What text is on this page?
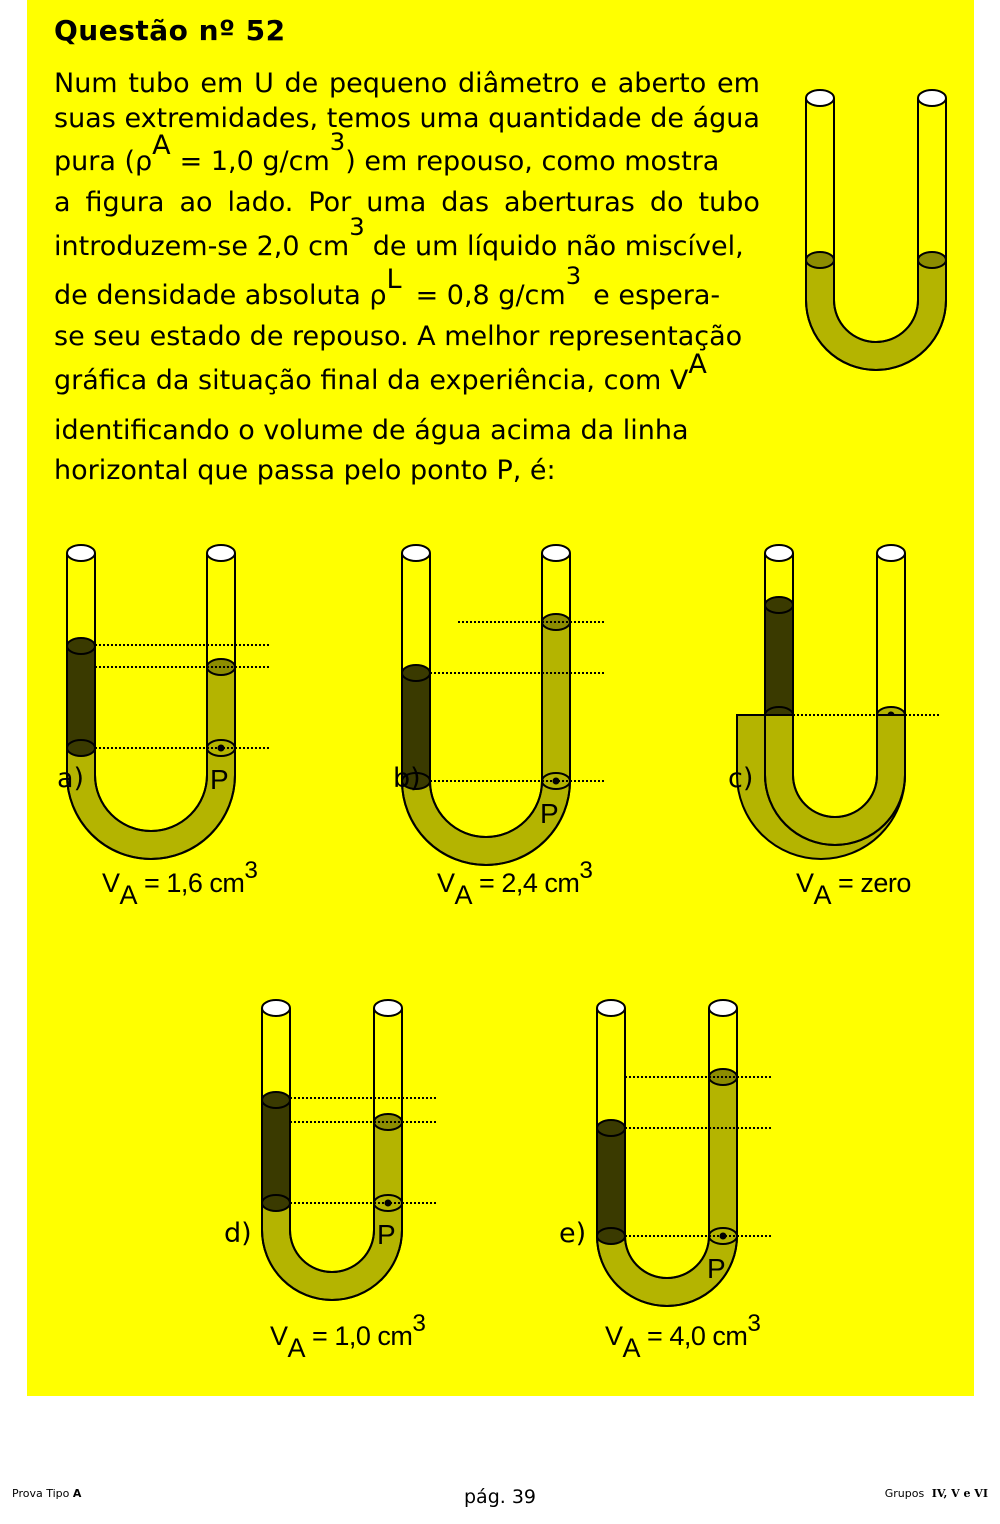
Questão nº 52
Num tubo em U de pequeno diâmetro e aberto em
suas extremidades, temos uma quantidade de água
pura (ρ
A
= 1,0 g/cm
$^3$
) em repouso, como mostra
a figura ao lado. Por uma das aberturas do tubo
introduzem-se 2,0 cm
$^3$
de um líquido não miscível,
de densidade absoluta ρ
L
= 0,8 g/cm
$^3$
e espera-
se seu estado de repouso. A melhor representação
gráfica da situação final da experiência, com V
A
identificando o volume de água acima da linha
horizontal que passa pelo ponto P, é:
a)	P
$V_A = 1,6$ $cm^3$
b)
P
$V_A = 2,4$ $cm^3$
c)
$V_A$ = zero
d)	P
$V_A = 1,0$ $cm^3$
e)
P
$V_A = 4,0$ $cm^3$
Prova Tipo A	pág. 39	Grupos IV, V e VI
